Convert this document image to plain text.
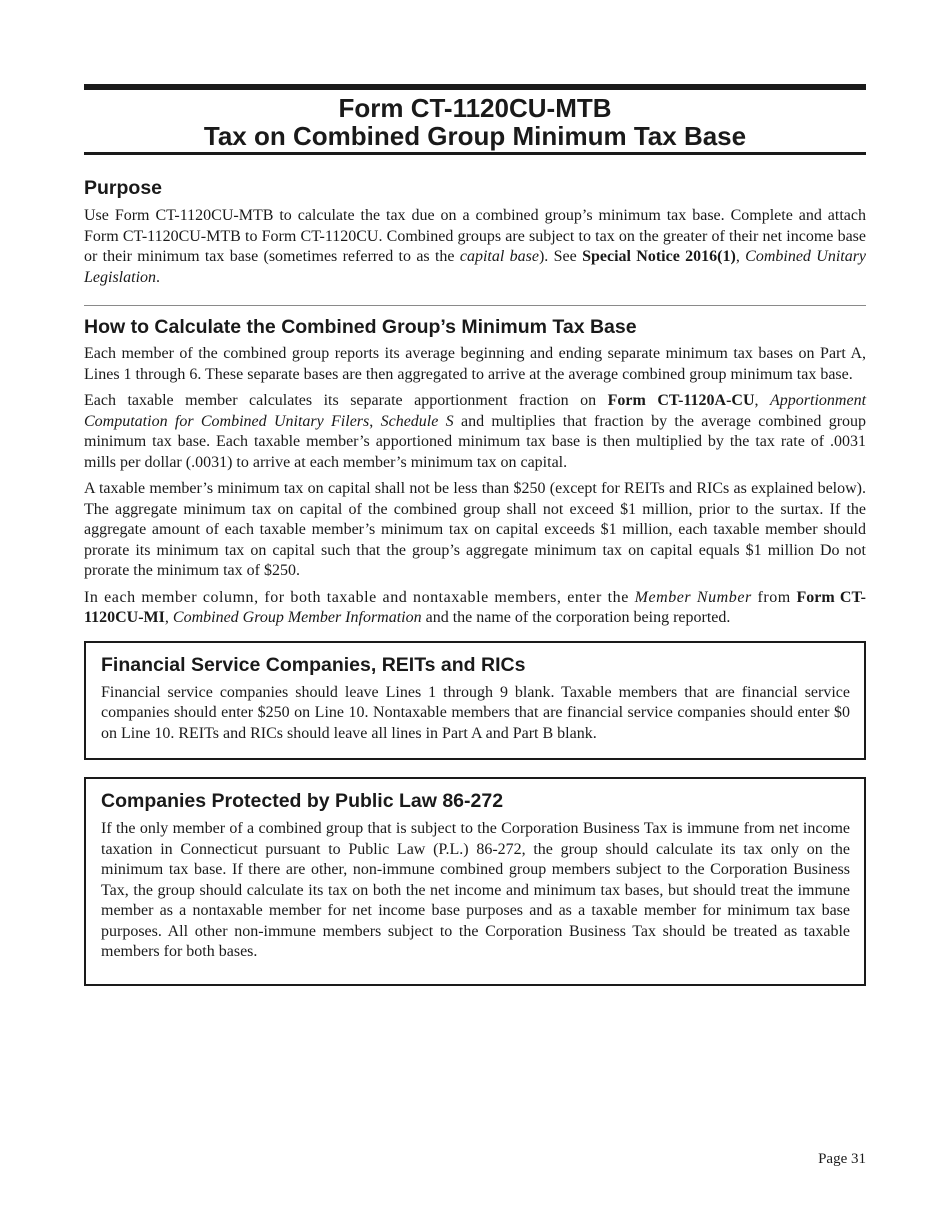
Form CT-1120CU-MTB
Tax on Combined Group Minimum Tax Base
Purpose

Use Form CT-1120CU-MTB to calculate the tax due on a combined group’s minimum tax base. Complete and attach Form CT-1120CU-MTB to Form CT-1120CU. Combined groups are subject to tax on the greater of their net income base or their minimum tax base (sometimes referred to as the capital base). See Special Notice 2016(1), Combined Unitary Legislation.

How to Calculate the Combined Group’s Minimum Tax Base

Each member of the combined group reports its average beginning and ending separate minimum tax bases on Part A, Lines 1 through 6. These separate bases are then aggregated to arrive at the average combined group minimum tax base.

Each taxable member calculates its separate apportionment fraction on Form CT-1120A-CU, Apportionment Computation for Combined Unitary Filers, Schedule S and multiplies that fraction by the average combined group minimum tax base. Each taxable member’s apportioned minimum tax base is then multiplied by the tax rate of .0031 mills per dollar (.0031) to arrive at each member’s minimum tax on capital.

A taxable member’s minimum tax on capital shall not be less than $250 (except for REITs and RICs as explained below). The aggregate minimum tax on capital of the combined group shall not exceed $1 million, prior to the surtax. If the aggregate amount of each taxable member’s minimum tax on capital exceeds $1 million, each taxable member should prorate its minimum tax on capital such that the group’s aggregate minimum tax on capital equals $1 million Do not prorate the minimum tax of $250.

In each member column, for both taxable and nontaxable members, enter the Member Number from Form CT-1120CU-MI, Combined Group Member Information and the name of the corporation being reported.

Financial Service Companies, REITs and RICs

Financial service companies should leave Lines 1 through 9 blank. Taxable members that are financial service companies should enter $250 on Line 10. Nontaxable members that are financial service companies should enter $0 on Line 10. REITs and RICs should leave all lines in Part A and Part B blank.

Companies Protected by Public Law 86-272

If the only member of a combined group that is subject to the Corporation Business Tax is immune from net income taxation in Connecticut pursuant to Public Law (P.L.) 86-272, the group should calculate its tax only on the minimum tax base. If there are other, non-immune combined group members subject to the Corporation Business Tax, the group should calculate its tax on both the net income and minimum tax bases, but should treat the immune member as a nontaxable member for net income base purposes and as a taxable member for minimum tax base purposes. All other non-immune members subject to the Corporation Business Tax should be treated as taxable members for both bases.

Page 31
